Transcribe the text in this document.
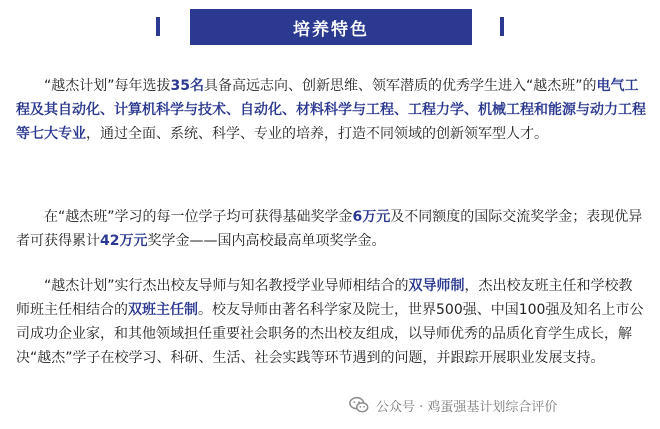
培养特色
“越杰计划”每年选拔35名具备高远志向、创新思维、领军潜质的优秀学生进入“越杰班”的电气工程及其自动化、计算机科学与技术、自动化、材料科学与工程、工程力学、机械工程和能源与动力工程等七大专业，通过全面、系统、科学、专业的培养，打造不同领域的创新领军型人才。
在“越杰班”学习的每一位学子均可获得基础奖学金6万元及不同额度的国际交流奖学金；表现优异者可获得累计42万元奖学金——国内高校最高单项奖学金。
“越杰计划”实行杰出校友导师与知名教授学业导师相结合的双导师制，杰出校友班主任和学校教师班主任相结合的双班主任制。校友导师由著名科学家及院士，世界500强、中国100强及知名上市公司成功企业家，和其他领域担任重要社会职务的杰出校友组成，以导师优秀的品质化育学生成长，解决“越杰”学子在校学习、科研、生活、社会实践等环节遇到的问题，并跟踪开展职业发展支持。
公众号 · 鸡蛋强基计划综合评价
